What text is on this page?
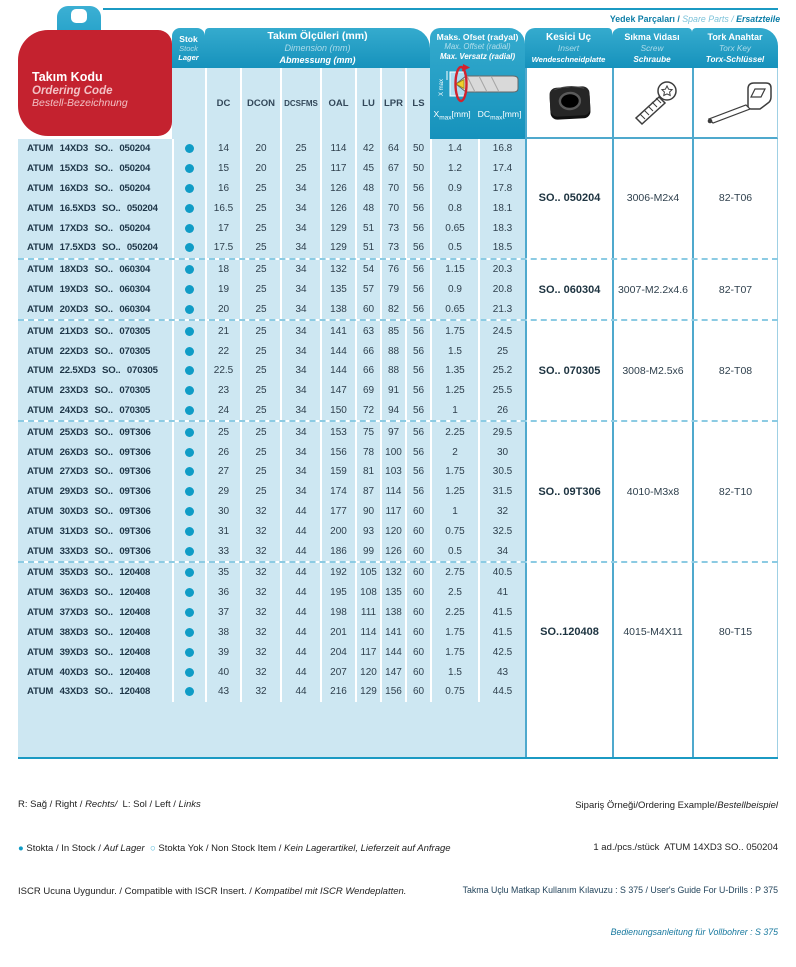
Takım Kodu
Ordering Code
Bestell-Bezeichnung
Stok
Stock
Lager
Takım Ölçüleri (mm)
Dimension (mm)
Abmessung (mm)
Maks. Ofset (radyal)
Max. Offset (radial)
Max. Versatz (radial)
X max
$X_{max}[mm]$ $DC_{max}[mm]$
Kesici Uç
Insert
Wendeschneidplatte
Yedek Parçaları / Spare Parts / Ersatzteile
Sıkma Vidası
Screw
Schraube
Tork Anahtar
Torx Key
Torx-Schlüssel
DC	DCON	DCSFMS	OAL	LU LPR LS
ATUM 14XD3 SO.. 050204	14	20	25	114	42	64	50	1.4	16.8
ATUM 15XD3 SO.. 050204	15	20	25	117	45	67	50	1.2	17.4
ATUM 16XD3 SO.. 050204	16	25	34	126	48	70	56	0.9	17.8
ATUM 16.5XD3 SO.. 050204	16.5	25	34	126	48	70	56	0.8	18.1
ATUM 17XD3 SO.. 050204	17	25	34	129	51	73	56	0.65	18.3
ATUM 17.5XD3 SO.. 050204	17.5	25	34	129	51	73	56	0.5	18.5
SO.. 050204	3006-M2x4	82-T06
ATUM 18XD3 SO.. 060304	18	25	34	132	54	76	56	1.15	20.3
ATUM 19XD3 SO.. 060304	19	25	34	135	57	79	56	0.9	20.8
ATUM 20XD3 SO.. 060304	20	25	34	138	60	82	56	0.65	21.3
SO.. 060304	3007-M2.2x4.6	82-T07
ATUM 21XD3 SO.. 070305	21	25	34	141	63	85	56	1.75	24.5
ATUM 22XD3 SO.. 070305	22	25	34	144	66	88	56	1.5	25
ATUM 22.5XD3 SO.. 070305	22.5	25	34	144	66	88	56	1.35	25.2
ATUM 23XD3 SO.. 070305	23	25	34	147	69	91	56	1.25	25.5
ATUM 24XD3 SO.. 070305	24	25	34	150	72	94	56	1	26
SO.. 070305	3008-M2.5x6	82-T08
ATUM 25XD3 SO.. 09T306	25	25	34	153	75	97	56	2.25	29.5
ATUM 26XD3 SO.. 09T306	26	25	34	156	78	100	56	2	30
ATUM 27XD3 SO.. 09T306	27	25	34	159	81	103	56	1.75	30.5
ATUM 29XD3 SO.. 09T306	29	25	34	174	87	114	56	1.25	31.5
ATUM 30XD3 SO.. 09T306	30	32	44	177	90	117	60	1	32
ATUM 31XD3 SO.. 09T306	31	32	44	200	93	120	60	0.75	32.5
ATUM 33XD3 SO.. 09T306	33	32	44	186	99	126	60	0.5	34
SO.. 09T306	4010-M3x8	82-T10
ATUM 35XD3 SO.. 120408	35	32	44	192	105 132	60	2.75	40.5
ATUM 36XD3 SO.. 120408	36	32	44	195	108 135	60	2.5	41
ATUM 37XD3 SO.. 120408	37	32	44	198	111 138	60	2.25	41.5
ATUM 38XD3 SO.. 120408	38	32	44	201	114 141	60	1.75	41.5
ATUM 39XD3 SO.. 120408	39	32	44	204	117 144	60	1.75	42.5
ATUM 40XD3 SO.. 120408	40	32	44	207	120 147	60	1.5	43
ATUM 43XD3 SO.. 120408	43	32	44	216	129 156	60	0.75	44.5
SO..120408	4015-M4X11	80-T15

R: Sağ / Right / Rechts/  L: Sol / Left / Links

● Stokta / In Stock / Auf Lager  ○ Stokta Yok / Non Stock Item / Kein Lagerartikel, Lieferzeit auf Anfrage

ISCR Ucuna Uygundur. / Compatible with ISCR Insert. / Kompatibel mit ISCR Wendeplatten.

Sipariş Örneği/Ordering Example/Bestellbeispiel

1 ad./pcs./stück  ATUM 14XD3 SO.. 050204

Takma Uçlu Matkap Kullanım Kılavuzu : S 375 / User's Guide For U-Drills : P 375

Bedienungsanleitung für Vollbohrer : S 375
